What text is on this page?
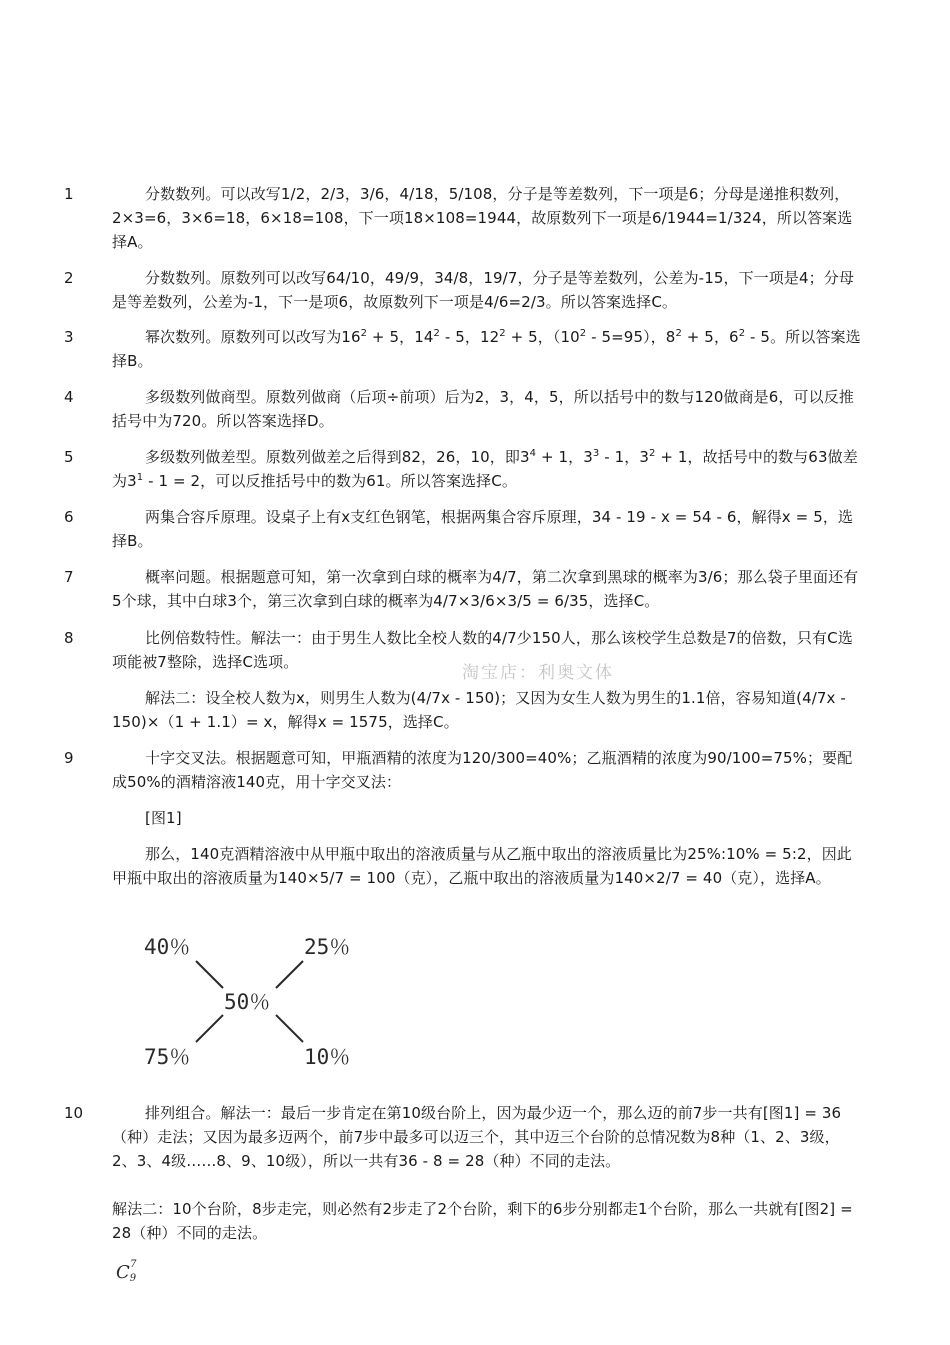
1	分数数列。可以改写1/2，2/3，3/6，4/18，5/108，分子是等差数列，下一项是6；分母是递推积数列，2×3=6，3×6=18，6×18=108，下一项18×108=1944，故原数列下一项是6/1944=1/324，所以答案选择A。

2	分数数列。原数列可以改写64/10，49/9，34/8，19/7，分子是等差数列，公差为-15，下一项是4；分母是等差数列，公差为-1，下一是项6，故原数列下一项是4/6=2/3。所以答案选择C。

3	幂次数列。原数列可以改写为$16^2 + 5$，$14^2 - 5$，$12^2 + 5$，$(10^2 - 5=95)$，$8^2 + 5$，$6^2 - 5$。所以答案选择B。

4	多级数列做商型。原数列做商（后项÷前项）后为2，3，4，5，所以括号中的数与120做商是6，可以反推括号中为720。所以答案选择D。

5	多级数列做差型。原数列做差之后得到82，26，10，即$3^4 + 1$，$3^3 - 1$，$3^2 + 1$，故括号中的数与63做差为$3^1 - 1 = 2$，可以反推括号中的数为61。所以答案选择C。

6	两集合容斥原理。设桌子上有x支红色钢笔，根据两集合容斥原理，34 - 19 - x = 54 - 6，解得x = 5，选择B。

7	概率问题。根据题意可知，第一次拿到白球的概率为4/7，第二次拿到黑球的概率为3/6；那么袋子里面还有5个球，其中白球3个，第三次拿到白球的概率为4/7×3/6×3/5 = 6/35，选择C。

8	比例倍数特性。解法一：由于男生人数比全校人数的4/7少150人，那么该校学生总数是7的倍数，只有C选项能被7整除，选择C选项。

淘宝店：利奥文体

解法二：设全校人数为x，则男生人数为(4/7x - 150)；又因为女生人数为男生的1.1倍，容易知道(4/7x - 150)×（1 + 1.1）= x，解得x = 1575，选择C。

9	十字交叉法。根据题意可知，甲瓶酒精的浓度为120/300=40%；乙瓶酒精的浓度为90/100=75%；要配成50%的酒精溶液140克，用十字交叉法：

[图1]

那么，140克酒精溶液中从甲瓶中取出的溶液质量与从乙瓶中取出的溶液质量比为25%:10% = 5:2，因此甲瓶中取出的溶液质量为140×5/7 = 100（克），乙瓶中取出的溶液质量为140×2/7 = 40（克），选择A。

40％	25％
50％
75％	10％
10	排列组合。解法一：最后一步肯定在第10级台阶上，因为最少迈一个，那么迈的前7步一共有[图1] = 36（种）走法；又因为最多迈两个，前7步中最多可以迈三个，其中迈三个台阶的总情况数为8种（1、2、3级，2、3、4级……8、9、10级），所以一共有36 - 8 = 28（种）不同的走法。

解法二：10个台阶，8步走完，则必然有2步走了2个台阶，剩下的6步分别都走1个台阶，那么一共就有[图2] = 28（种）不同的走法。

$C9^7$
